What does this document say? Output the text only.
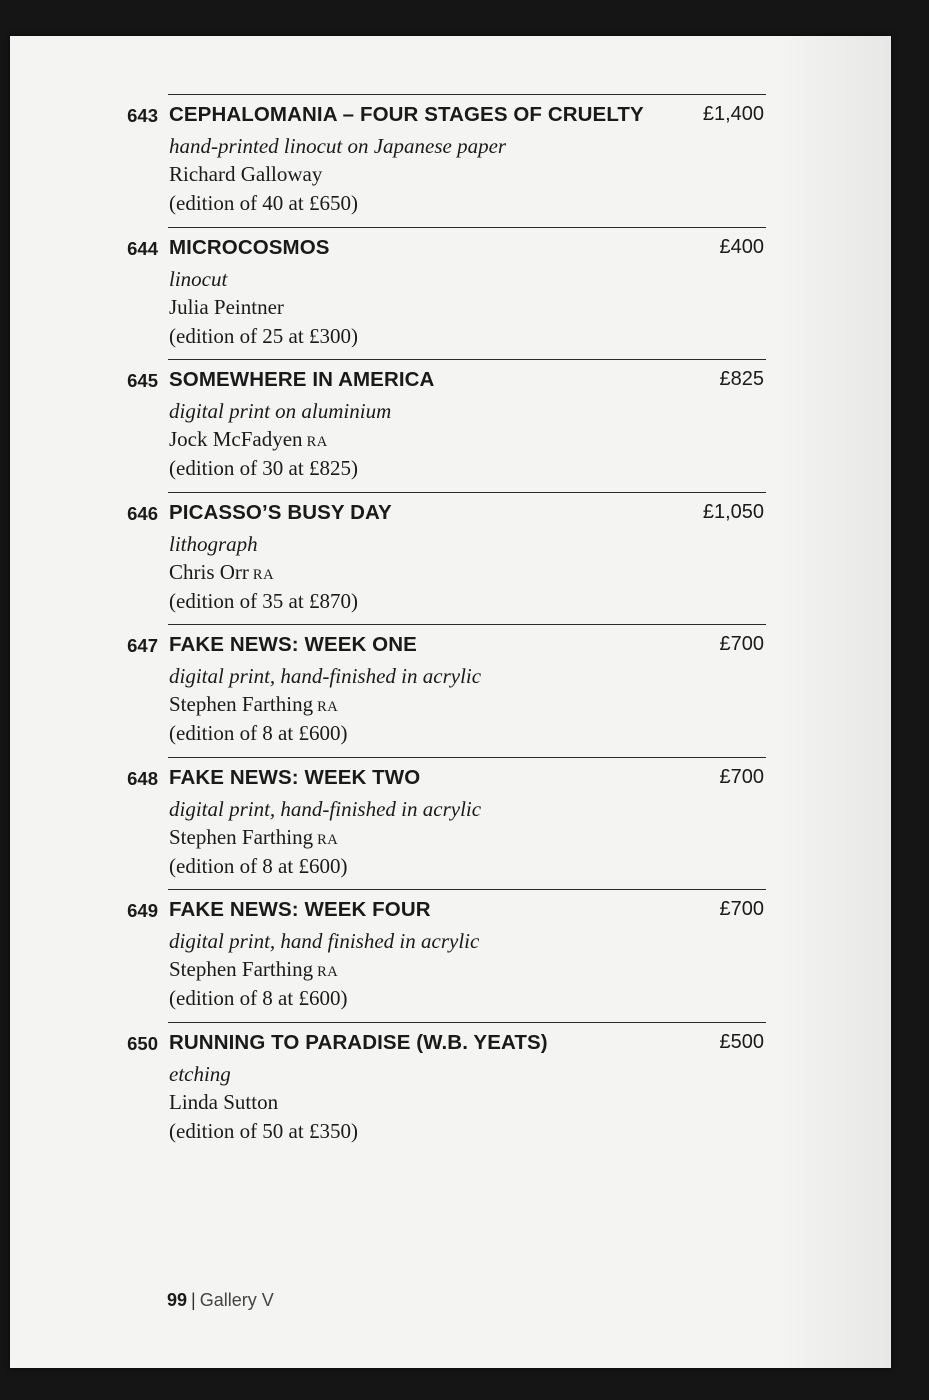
643 CEPHALOMANIA – FOUR STAGES OF CRUELTY	£1,400
hand-printed linocut on Japanese paper
Richard Galloway
(edition of 40 at £650)
644 MICROCOSMOS	£400
linocut
Julia Peintner
(edition of 25 at £300)
645 SOMEWHERE IN AMERICA	£825
digital print on aluminium
Jock McFadyen RA
(edition of 30 at £825)
646 PICASSO’S BUSY DAY	£1,050
lithograph
Chris Orr RA
(edition of 35 at £870)
647 FAKE NEWS: WEEK ONE	£700
digital print, hand-finished in acrylic
Stephen Farthing RA
(edition of 8 at £600)
648 FAKE NEWS: WEEK TWO	£700
digital print, hand-finished in acrylic
Stephen Farthing RA
(edition of 8 at £600)
649 FAKE NEWS: WEEK FOUR	£700
digital print, hand finished in acrylic
Stephen Farthing RA
(edition of 8 at £600)
650 RUNNING TO PARADISE (W.B. YEATS)	£500
etching
Linda Sutton
(edition of 50 at £350)
99 | Gallery V
